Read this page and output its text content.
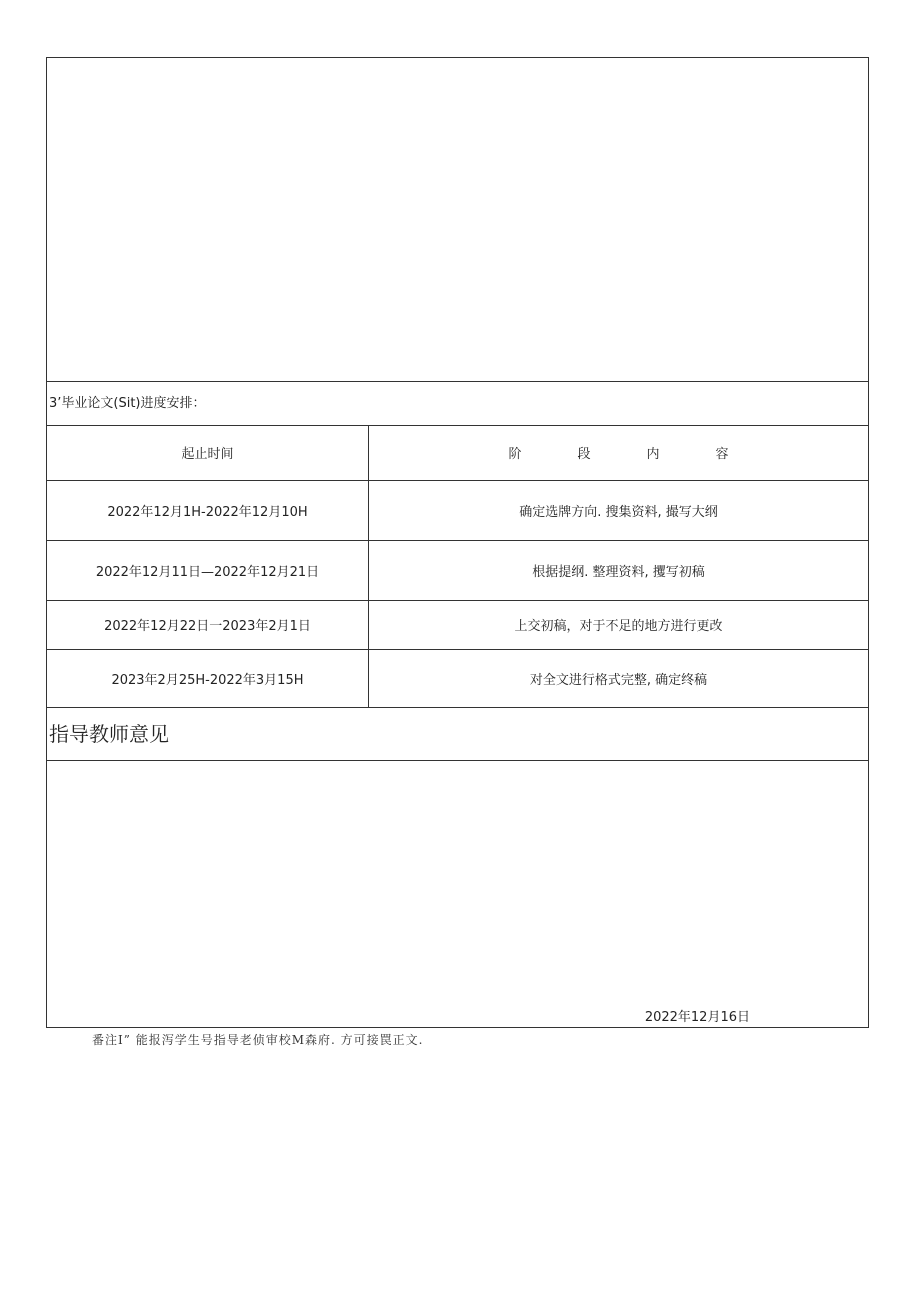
3’毕业论文(Sit)进度安排：
起止时间	阶 段 内 容
2022年12月1H-2022年12月10H	确定选牌方向. 搜集资料, 撮写大纲
2022年12月11日—2022年12月21日	根据提纲. 整理资料, 攫写初稿
2022年12月22日一2023年2月1日	上交初稿，对于不足的地方进行更改
2023年2月25H-2022年3月15H	对全文进行格式完整, 确定终稿
指导教师意见
2022年12月16日
番注I” 能报泻学生号指导老侦审校M森府. 方可接罠正文.
